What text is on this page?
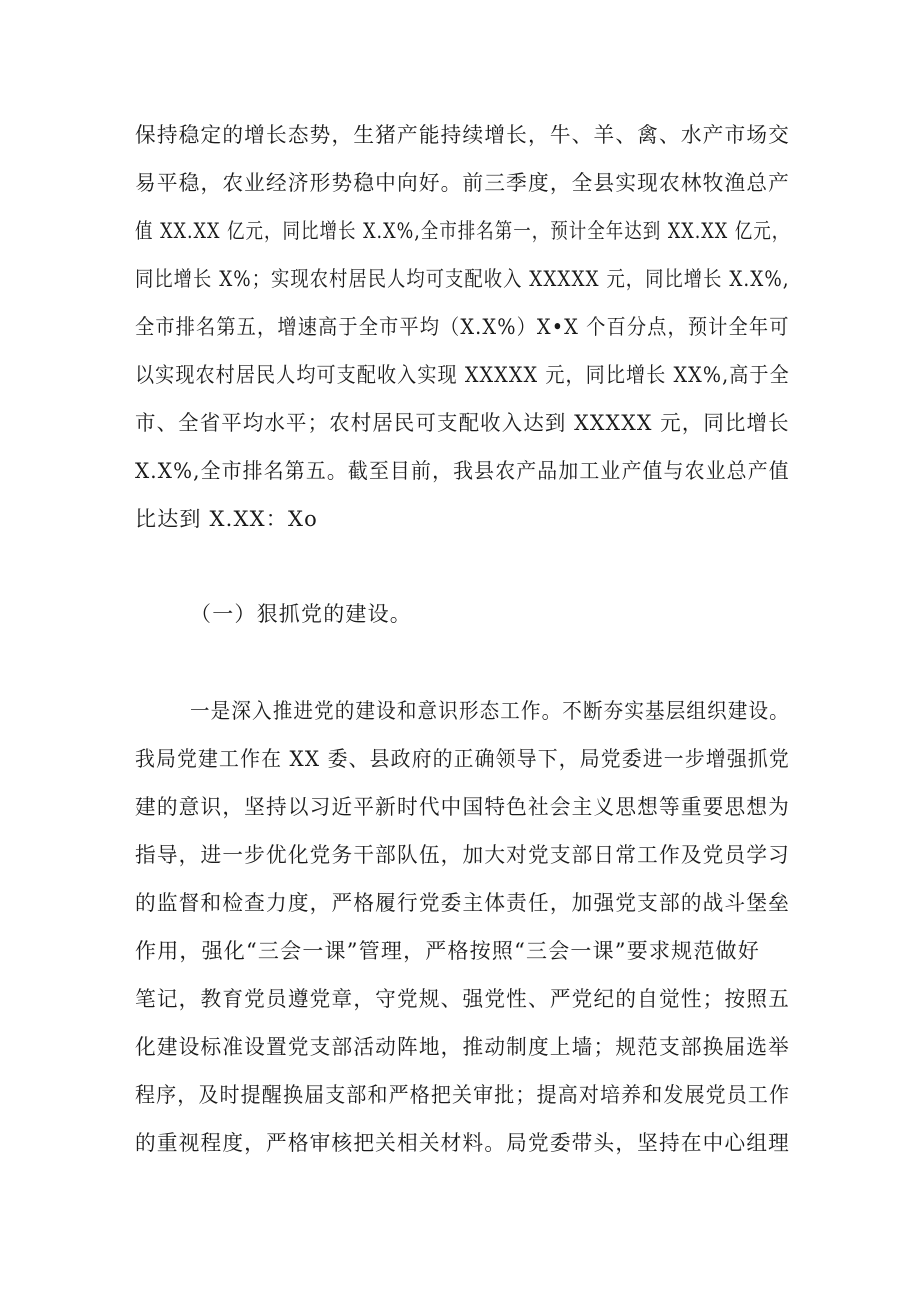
保持稳定的增长态势，生猪产能持续增长，牛、羊、禽、水产市场交
易平稳，农业经济形势稳中向好。前三季度，全县实现农林牧渔总产
值 XX.XX 亿元，同比增长 X.X%,全市排名第一，预计全年达到 XX.XX 亿元，
同比增长 X%；实现农村居民人均可支配收入 XXXXX 元，同比增长 X.X%,
全市排名第五，增速高于全市平均（X.X%）X•X 个百分点，预计全年可
以实现农村居民人均可支配收入实现 XXXXX 元，同比增长 XX%,高于全
市、全省平均水平；农村居民可支配收入达到 XXXXX 元，同比增长
X.X%,全市排名第五。截至目前，我县农产品加工业产值与农业总产值
比达到 X.XX：Xo
（一）狠抓党的建设。
一是深入推进党的建设和意识形态工作。不断夯实基层组织建设。
我局党建工作在 XX 委、县政府的正确领导下，局党委进一步增强抓党
建的意识，坚持以习近平新时代中国特色社会主义思想等重要思想为
指导，进一步优化党务干部队伍，加大对党支部日常工作及党员学习
的监督和检查力度，严格履行党委主体责任，加强党支部的战斗堡垒
作用，强化“三会一课”管理，严格按照“三会一课”要求规范做好
笔记，教育党员遵党章，守党规、强党性、严党纪的自觉性；按照五
化建设标准设置党支部活动阵地，推动制度上墙；规范支部换届选举
程序，及时提醒换届支部和严格把关审批；提高对培养和发展党员工作
的重视程度，严格审核把关相关材料。局党委带头，坚持在中心组理
